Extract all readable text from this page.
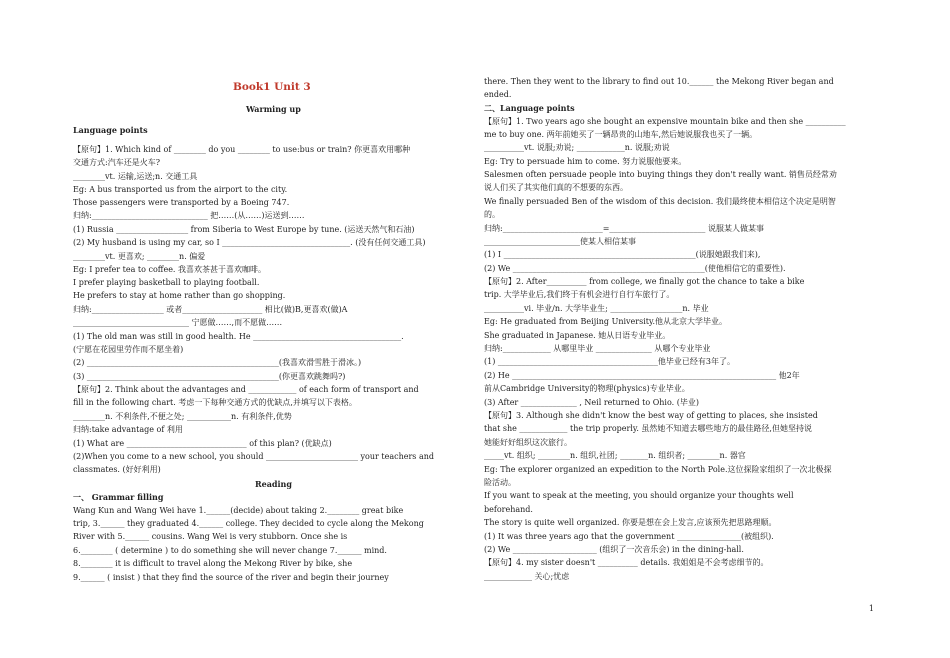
Book1 Unit 3
Warming up
Language points
【原句】1. Which kind of ________ do you ________ to use:bus or train? 你更喜欢用哪种
交通方式:汽车还是火车?
________vt. 运输,运送;n. 交通工具
Eg: A bus transported us from the airport to the city.
Those passengers were transported by a Boeing 747.
归纳:_____________________________ 把……(从……)运送到……
(1) Russia __________________ from Siberia to West Europe by tune. (运送天然气和石油)
(2) My husband is using my car, so I ________________________________. (没有任何交通工具)
________vt. 更喜欢; ________n. 偏爱
Eg: I prefer tea to coffee. 我喜欢茶甚于喜欢咖啡。
I prefer playing basketball to playing football.
He prefers to stay at home rather than go shopping.
归纳:__________________ 或者____________________ 相比(做)B,更喜欢(做)A
_____________________________ 宁愿做……,而不愿做……
(1) The old man was still in good health. He _____________________________________.
(宁愿在花园里劳作而不愿坐着)
(2) ________________________________________________(我喜欢滑雪胜于滑冰。)
(3) ________________________________________________(你更喜欢跳舞吗?)
【原句】2. Think about the advantages and ____________ of each form of transport and
fill in the following chart. 考虑一下每种交通方式的优缺点,并填写以下表格。
________n. 不利条件,不便之处; ___________n. 有利条件,优势
归纳:take advantage of 利用
(1) What are ______________________________ of this plan? (优缺点)
(2)When you come to a new school, you should _______________________ your teachers and
classmates. (好好利用)
Reading
一、 Grammar filling
Wang Kun and Wang Wei have 1.______(decide) about taking 2.________ great bike
trip, 3.______ they graduated 4.______ college. They decided to cycle along the Mekong
River with 5.______ cousins. Wang Wei is very stubborn. Once she is
6.________ ( determine ) to do something she will never change 7.______ mind.
8.________ it is difficult to travel along the Mekong River by bike, she
9.______ ( insist ) that they find the source of the river and begin their journey
there. Then they went to the library to find out 10.______ the Mekong River began and
ended.
二、Language points
【原句】1. Two years ago she bought an expensive mountain bike and then she __________
me to buy one. 两年前她买了一辆昂贵的山地车,然后她说服我也买了一辆。
__________vt. 说服;劝说; ____________n. 说服;劝说
Eg: Try to persuade him to come. 努力说服他要来。
Salesmen often persuade people into buying things they don't really want. 销售员经常劝
说人们买了其实他们真的不想要的东西。
We finally persuaded Ben of the wisdom of this decision. 我们最终使本相信这个决定是明智
的。
归纳:_________________________=________________________ 说服某人做某事
________________________使某人相信某事
(1) I ________________________________________________(说服她跟我们来),
(2) We ________________________________________________(使他相信它的重要性).
【原句】2. After__________ from college, we finally got the chance to take a bike
trip. 大学毕业后,我们终于有机会进行自行车旅行了。
__________vi. 毕业/n. 大学毕业生; __________________n. 毕业
Eg: He graduated from Beijing University.他从北京大学毕业。
She graduated in Japanese. 她从日语专业毕业。
归纳:____________ 从哪里毕业 ______________ 从哪个专业毕业
(1) ________________________________________他毕业已经有3年了。
(2) He __________________________________________________________________ 他2年
前从Cambridge University的物理(physics)专业毕业。
(3) After ______________ , Neil returned to Ohio. (毕业)
【原句】3. Although she didn't know the best way of getting to places, she insisted
that she ____________ the trip properly. 虽然她不知道去哪些地方的最佳路径,但她坚持说
她能好好组织这次旅行。
_____vt. 组织; ________n. 组织,社团; _______n. 组织者; ________n. 器官
Eg: The explorer organized an expedition to the North Pole.这位探险家组织了一次北极探
险活动。
If you want to speak at the meeting, you should organize your thoughts well
beforehand.
The story is quite well organized. 你要是想在会上发言,应该预先把思路理顺。
(1) It was three years ago that the government ________________(被组织).
(2) We _____________________ (组织了一次音乐会) in the dining-hall.
【原句】4. my sister doesn't __________ details. 我姐姐是不会考虑细节的。
____________ 关心;忧虑
1
